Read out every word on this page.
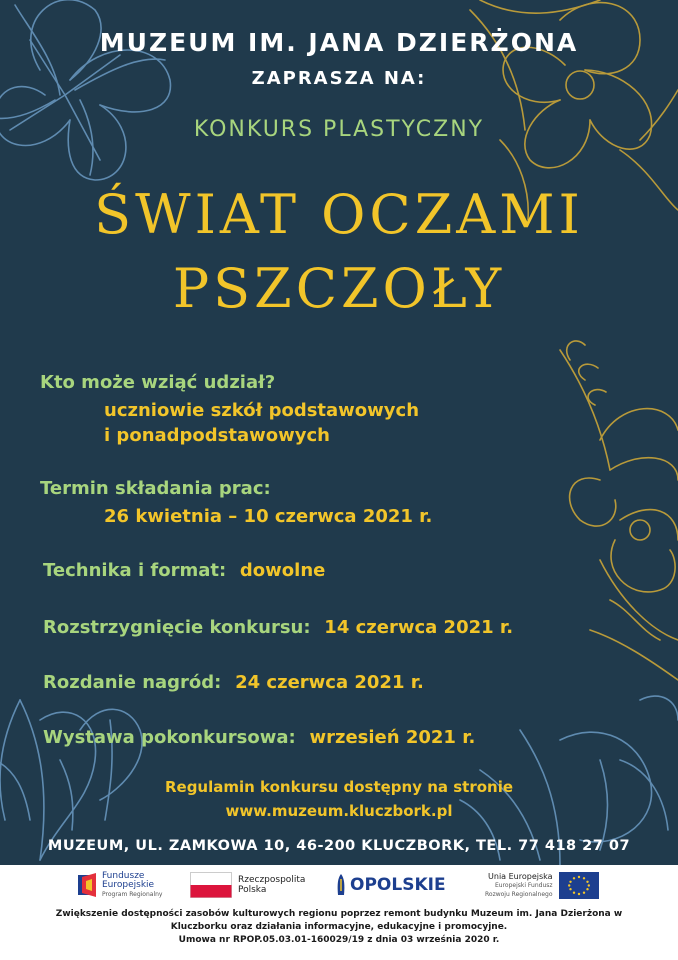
MUZEUM IM. JANA DZIERŻONA
ZAPRASZA NA:
KONKURS PLASTYCZNY
ŚWIAT OCZAMI
PSZCZOŁY
Kto może wziąć udział?
uczniowie szkół podstawowych
i ponadpodstawowych
Termin składania prac:
26 kwietnia – 10 czerwca 2021 r.
Technika i format: dowolne
Rozstrzygnięcie konkursu: 14 czerwca 2021 r.
Rozdanie nagród: 24 czerwca 2021 r.
Wystawa pokonkursowa: wrzesień 2021 r.
Regulamin konkursu dostępny na stronie
www.muzeum.kluczbork.pl
MUZEUM, UL. ZAMKOWA 10, 46-200 KLUCZBORK, TEL. 77 418 27 07
Fundusze
Europejskie
Program Regionalny
Rzeczpospolita
Polska	OPOLSKIE	Unia Europejska
Europejski Fundusz
Rozwoju Regionalnego
Zwiększenie dostępności zasobów kulturowych regionu poprzez remont budynku Muzeum im. Jana Dzierżona w
Kluczborku oraz działania informacyjne, edukacyjne i promocyjne.
Umowa nr RPOP.05.03.01-160029/19 z dnia 03 września 2020 r.
